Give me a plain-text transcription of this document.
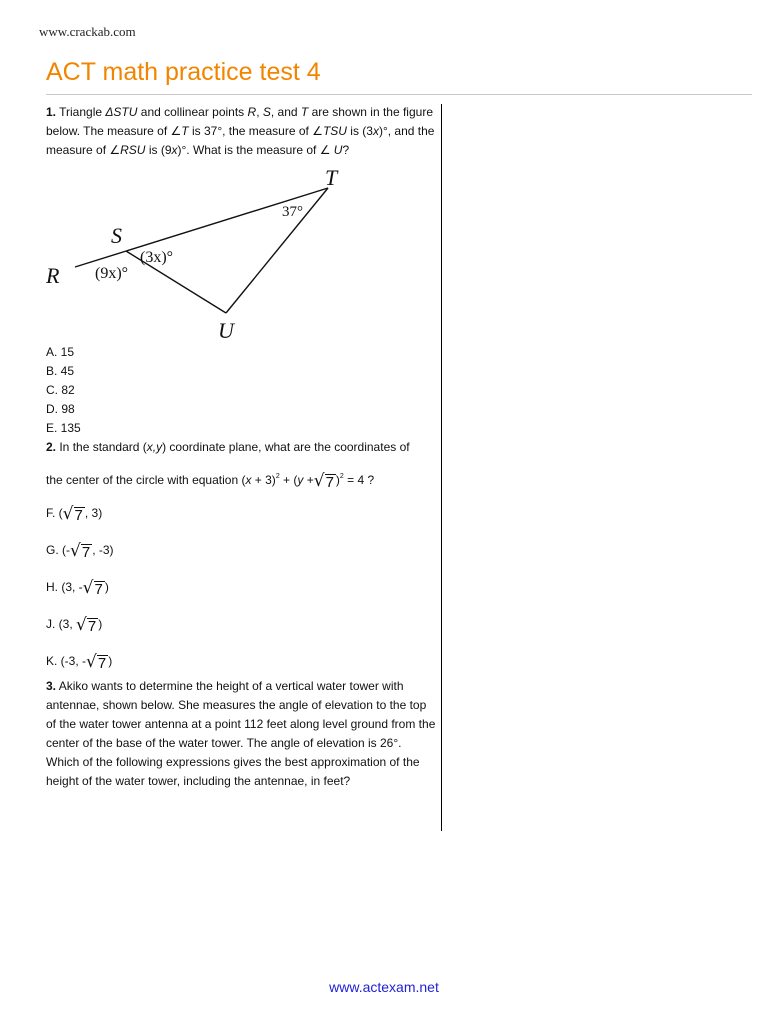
www.crackab.com
ACT math practice test 4

1. Triangle ΔSTU and collinear points R, S, and T are shown in the figure below. The measure of ∠T is 37°, the measure of ∠TSU is (3x)°, and the measure of ∠RSU is (9x)°. What is the measure of ∠ U?

T
S
R
U
37°
(3x)°
(9x)°
A. 15
B. 45
C. 82
D. 98
E. 135

2. In the standard (x,y) coordinate plane, what are the coordinates of

the center of the circle with equation $(x + 3)^2 + (y$ + √ 7 )$^2$ = 4 ?

F. ( √ 7 , 3)
G. (- √ 7 , -3)
H. (3, - √ 7 )
J. (3, √ 7 )
K. (-3, - √ 7 )

3. Akiko wants to determine the height of a vertical water tower with antennae, shown below. She measures the angle of elevation to the top of the water tower antenna at a point 112 feet along level ground from the center of the base of the water tower. The angle of elevation is 26°. Which of the following expressions gives the best approximation of the height of the water tower, including the antennae, in feet?

www.actexam.net
